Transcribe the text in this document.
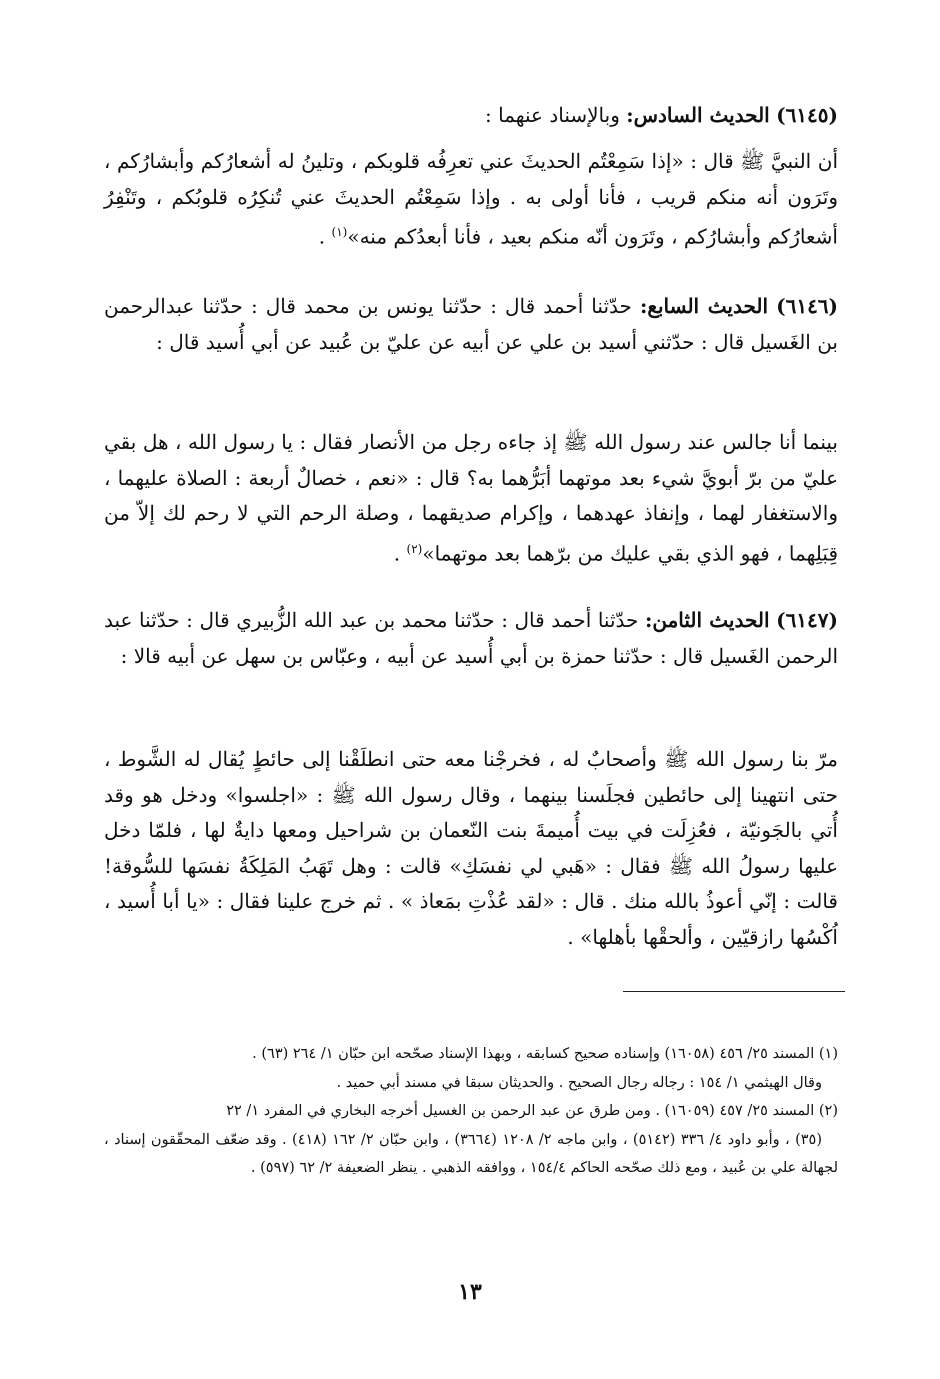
(٦١٤٥) الحديث السادس: وبالإسناد عنهما :

أن النبيَّ ﷺ قال : «إذا سَمِعْتُم الحديثَ عني تعرِفُه قلوبكم ، وتلينُ له أشعارُكم وأبشارُكم ، وتَرَون أنه منكم قريب ، فأنا أولى به . وإذا سَمِعْتُم الحديثَ عني تُنكِرُه قلوبُكم ، وتَنْفِرُ أشعارُكم وأبشارُكم ، وتَرَون أنّه منكم بعيد ، فأنا أبعدُكم منه»$^{(١)}$ .

(٦١٤٦) الحديث السابع: حدّثنا أحمد قال : حدّثنا يونس بن محمد قال : حدّثنا عبدالرحمن بن الغَسيل قال : حدّثني أسيد بن علي عن أبيه عن عليّ بن عُبيد عن أبي أُسيد قال :

بينما أنا جالس عند رسول الله ﷺ إذ جاءه رجل من الأنصار فقال : يا رسول الله ، هل بقي عليّ من برّ أبويَّ شيء بعد موتهما أبَرُّهما به؟ قال : «نعم ، خصالٌ أربعة : الصلاة عليهما ، والاستغفار لهما ، وإنفاذ عهدهما ، وإكرام صديقهما ، وصلة الرحم التي لا رحم لك إلاّ من قِبَلِهما ، فهو الذي بقي عليك من برّهما بعد موتهما»$^{(٢)}$ .

(٦١٤٧) الحديث الثامن: حدّثنا أحمد قال : حدّثنا محمد بن عبد الله الزُّبيري قال : حدّثنا عبد الرحمن الغَسيل قال : حدّثنا حمزة بن أبي أُسيد عن أبيه ، وعبّاس بن سهل عن أبيه قالا :

مرّ بنا رسول الله ﷺ وأصحابٌ له ، فخرجْنا معه حتى انطلَقْنا إلى حائطٍ يُقال له الشَّوط ، حتى انتهينا إلى حائطين فجلَسنا بينهما ، وقال رسول الله ﷺ : «اجلسوا» ودخل هو وقد أُتي بالجَونيّة ، فعُزِلَت في بيت أُميمةَ بنت النّعمان بن شراحيل ومعها دايةٌ لها ، فلمّا دخل عليها رسولُ الله ﷺ فقال : «هَبي لي نفسَكِ» قالت : وهل تَهَبُ المَلِكَةُ نفسَها للسُّوقة! قالت : إنّي أعوذُ بالله منك . قال : «لقد عُذْتِ بمَعاذ » . ثم خرج علينا فقال : «يا أبا أُسيد ، اُكْسُها رازقيّين ، وألحقْها بأهلها» .

(١) المسند ٢٥/ ٤٥٦ (١٦٠٥٨) وإسناده صحيح كسابقه ، وبهذا الإسناد صحّحه ابن حبّان ١/ ٢٦٤ (٦٣) .
وقال الهيثمي ١/ ١٥٤ : رجاله رجال الصحيح . والحديثان سبقا في مسند أبي حميد .

(٢) المسند ٢٥/ ٤٥٧ (١٦٠٥٩) . ومن طرق عن عبد الرحمن بن الغسيل أخرجه البخاري في المفرد ١/ ٢٢
(٣٥) ، وأبو داود ٤/ ٣٣٦ (٥١٤٢) ، وابن ماجه ٢/ ١٢٠٨ (٣٦٦٤) ، وابن حبّان ٢/ ١٦٢ (٤١٨) . وقد ضعّف المحقّقون إسناد ، لجهالة علي بن عُبيد ، ومع ذلك صحّحه الحاكم ١٥٤/٤ ، ووافقه الذهبي . ينظر الضعيفة ٢/ ٦٢ (٥٩٧) .

١٣
